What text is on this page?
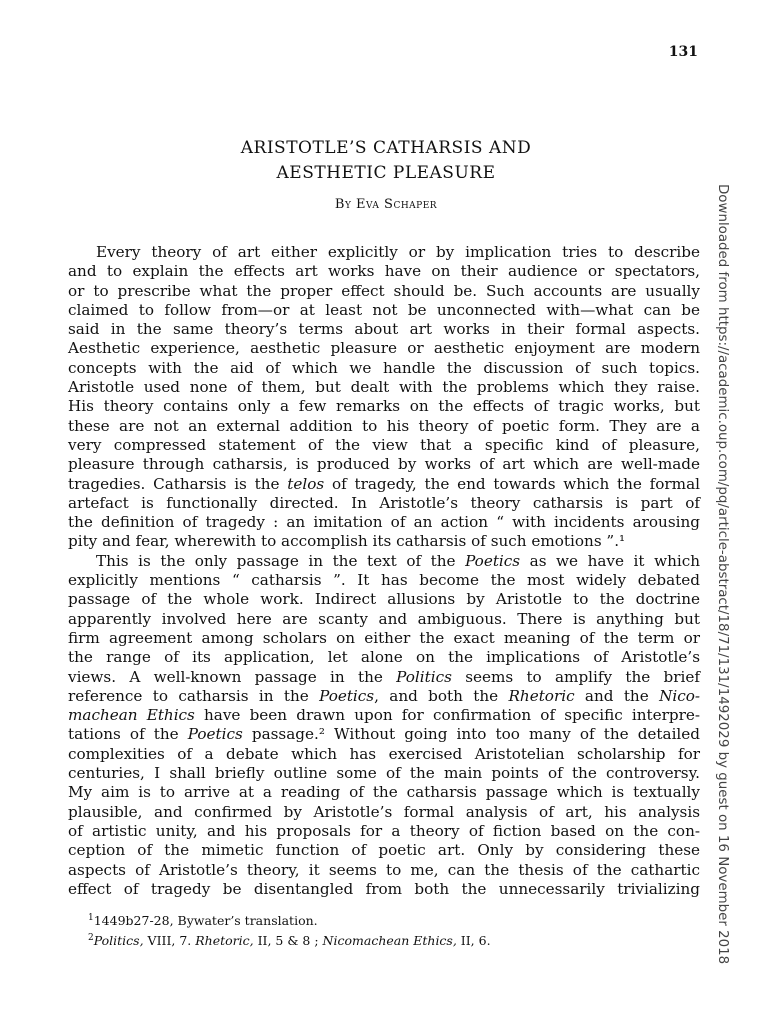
131
ARISTOTLE’S CATHARSIS AND
AESTHETIC PLEASURE
By Eva Schaper
Every theory of art either explicitly or by implication tries to describe
and to explain the effects art works have on their audience or spectators,
or to prescribe what the proper effect should be. Such accounts are usually
claimed to follow from—or at least not be unconnected with—what can be
said in the same theory’s terms about art works in their formal aspects.
Aesthetic experience, aesthetic pleasure or aesthetic enjoyment are modern
concepts with the aid of which we handle the discussion of such topics.
Aristotle used none of them, but dealt with the problems which they raise.
His theory contains only a few remarks on the effects of tragic works, but
these are not an external addition to his theory of poetic form. They are a
very compressed statement of the view that a specific kind of pleasure,
pleasure through catharsis, is produced by works of art which are well-made
tragedies. Catharsis is the telos of tragedy, the end towards which the formal
artefact is functionally directed. In Aristotle’s theory catharsis is part of
the definition of tragedy : an imitation of an action “ with incidents arousing
pity and fear, wherewith to accomplish its catharsis of such emotions ”.¹
This is the only passage in the text of the Poetics as we have it which
explicitly mentions “ catharsis ”. It has become the most widely debated
passage of the whole work. Indirect allusions by Aristotle to the doctrine
apparently involved here are scanty and ambiguous. There is anything but
firm agreement among scholars on either the exact meaning of the term or
the range of its application, let alone on the implications of Aristotle’s
views. A well-known passage in the Politics seems to amplify the brief
reference to catharsis in the Poetics, and both the Rhetoric and the Nico-
machean Ethics have been drawn upon for confirmation of specific interpre-
tations of the Poetics passage.² Without going into too many of the detailed
complexities of a debate which has exercised Aristotelian scholarship for
centuries, I shall briefly outline some of the main points of the controversy.
My aim is to arrive at a reading of the catharsis passage which is textually
plausible, and confirmed by Aristotle’s formal analysis of art, his analysis
of artistic unity, and his proposals for a theory of fiction based on the con-
ception of the mimetic function of poetic art. Only by considering these
aspects of Aristotle’s theory, it seems to me, can the thesis of the cathartic
effect of tragedy be disentangled from both the unnecessarily trivializing
$^1$1449b27-28, Bywater’s translation.
$^2$Politics, VIII, 7. Rhetoric, II, 5 & 8 ; Nicomachean Ethics, II, 6.	Downloaded from https://academic.oup.com/pq/article-abstract/18/71/131/1492029 by guest on 16 November 2018
